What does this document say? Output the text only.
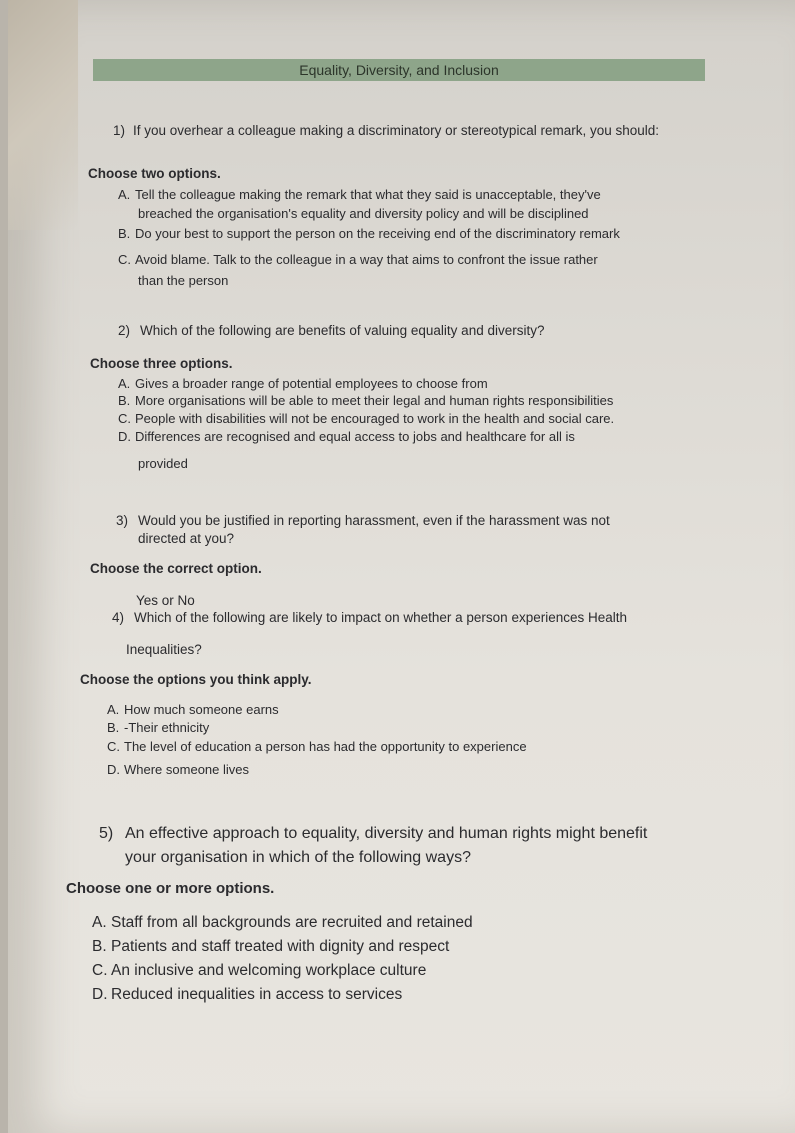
Equality, Diversity, and Inclusion
1) If you overhear a colleague making a discriminatory or stereotypical remark, you should:
Choose two options.
A. Tell the colleague making the remark that what they said is unacceptable, they've
breached the organisation's equality and diversity policy and will be disciplined
B. Do your best to support the person on the receiving end of the discriminatory remark
C. Avoid blame. Talk to the colleague in a way that aims to confront the issue rather
than the person
2) Which of the following are benefits of valuing equality and diversity?
Choose three options.
A. Gives a broader range of potential employees to choose from
B. More organisations will be able to meet their legal and human rights responsibilities
C. People with disabilities will not be encouraged to work in the health and social care.
D. Differences are recognised and equal access to jobs and healthcare for all is
provided
3) Would you be justified in reporting harassment, even if the harassment was not
directed at you?
Choose the correct option.
Yes or No
4) Which of the following are likely to impact on whether a person experiences Health
Inequalities?
Choose the options you think apply.
A. How much someone earns
B. -Their ethnicity
C. The level of education a person has had the opportunity to experience
D. Where someone lives
5) An effective approach to equality, diversity and human rights might benefit
your organisation in which of the following ways?
Choose one or more options.
A. Staff from all backgrounds are recruited and retained
B. Patients and staff treated with dignity and respect
C. An inclusive and welcoming workplace culture
D. Reduced inequalities in access to services
